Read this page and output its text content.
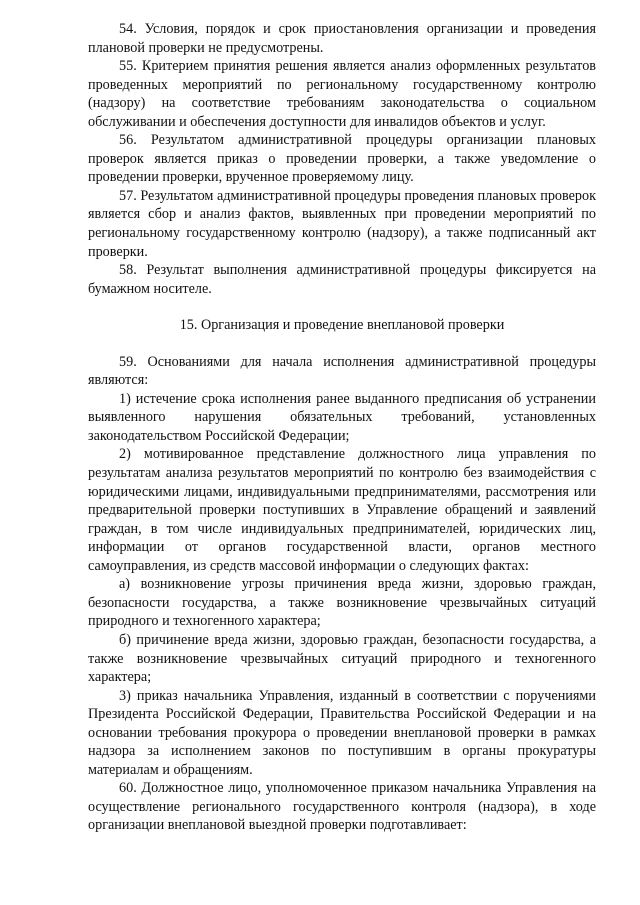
54. Условия, порядок и срок приостановления организации и проведения плановой проверки не предусмотрены.

55. Критерием принятия решения является анализ оформленных результатов проведенных мероприятий по региональному государственному контролю (надзору) на соответствие требованиям законодательства о социальном обслуживании и обеспечения доступности для инвалидов объектов и услуг.

56. Результатом административной процедуры организации плановых проверок является приказ о проведении проверки, а также уведомление о проведении проверки, врученное проверяемому лицу.

57. Результатом административной процедуры проведения плановых проверок является сбор и анализ фактов, выявленных при проведении мероприятий по региональному государственному контролю (надзору), а также подписанный акт проверки.

58. Результат выполнения административной процедуры фиксируется на бумажном носителе.

15. Организация и проведение внеплановой проверки

59. Основаниями для начала исполнения административной процедуры являются:

1) истечение срока исполнения ранее выданного предписания об устранении выявленного нарушения обязательных требований, установленных законодательством Российской Федерации;

2) мотивированное представление должностного лица управления по результатам анализа результатов мероприятий по контролю без взаимодействия с юридическими лицами, индивидуальными предпринимателями, рассмотрения или предварительной проверки поступивших в Управление обращений и заявлений граждан, в том числе индивидуальных предпринимателей, юридических лиц, информации от органов государственной власти, органов местного самоуправления, из средств массовой информации о следующих фактах:

а) возникновение угрозы причинения вреда жизни, здоровью граждан, безопасности государства, а также возникновение чрезвычайных ситуаций природного и техногенного характера;

б) причинение вреда жизни, здоровью граждан, безопасности государства, а также возникновение чрезвычайных ситуаций природного и техногенного характера;

3) приказ начальника Управления, изданный в соответствии с поручениями Президента Российской Федерации, Правительства Российской Федерации и на основании требования прокурора о проведении внеплановой проверки в рамках надзора за исполнением законов по поступившим в органы прокуратуры материалам и обращениям.

60. Должностное лицо, уполномоченное приказом начальника Управления на осуществление регионального государственного контроля (надзора), в ходе организации внеплановой выездной проверки подготавливает:
